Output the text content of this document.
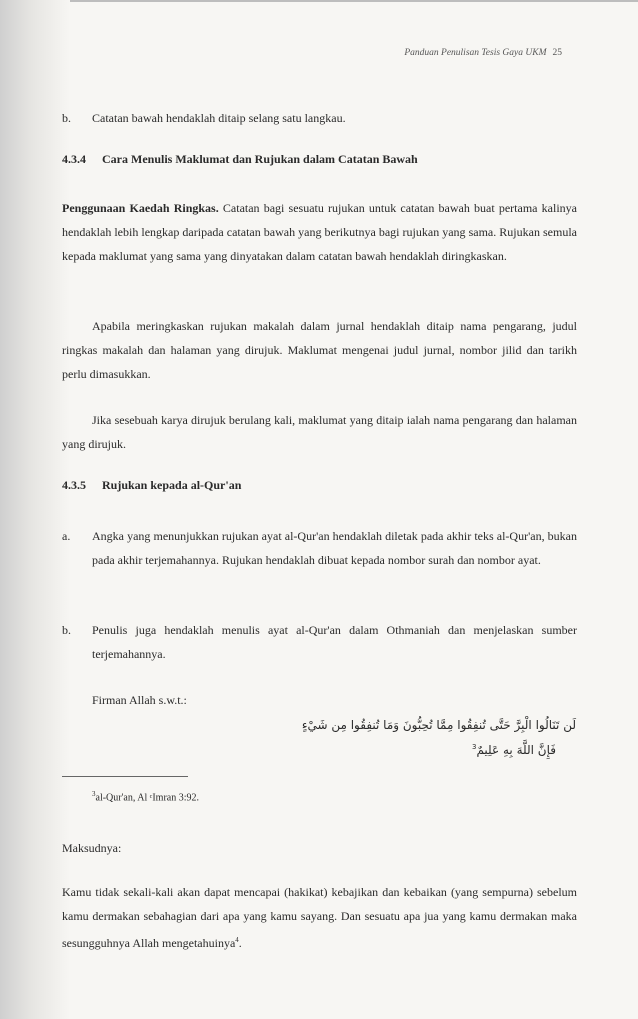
Panduan Penulisan Tesis Gaya UKM 25
b. Catatan bawah hendaklah ditaip selang satu langkau.
4.3.4 Cara Menulis Maklumat dan Rujukan dalam Catatan Bawah
Penggunaan Kaedah Ringkas. Catatan bagi sesuatu rujukan untuk catatan bawah buat pertama kalinya hendaklah lebih lengkap daripada catatan bawah yang berikutnya bagi rujukan yang sama. Rujukan semula kepada maklumat yang sama yang dinyatakan dalam catatan bawah hendaklah diringkaskan.
Apabila meringkaskan rujukan makalah dalam jurnal hendaklah ditaip nama pengarang, judul ringkas makalah dan halaman yang dirujuk. Maklumat mengenai judul jurnal, nombor jilid dan tarikh perlu dimasukkan.
Jika sesebuah karya dirujuk berulang kali, maklumat yang ditaip ialah nama pengarang dan halaman yang dirujuk.
4.3.5 Rujukan kepada al-Qur'an
a.	Angka yang menunjukkan rujukan ayat al-Qur'an hendaklah diletak pada akhir teks al-Qur'an, bukan pada akhir terjemahannya. Rujukan hendaklah dibuat kepada nombor surah dan nombor ayat.
b.	Penulis juga hendaklah menulis ayat al-Qur'an dalam Othmaniah dan menjelaskan sumber terjemahannya.
Firman Allah s.w.t.:
لَن تَنَالُوا الْبِرَّ حَتَّى تُنفِقُوا مِمَّا تُحِبُّونَ وَمَا تُنفِقُوا مِن شَيْءٍ
فَإِنَّ اللَّهَ بِهِ عَلِيمٌ$^3$
$^3$al-Qur'an, Al ᶜImran 3:92.
Maksudnya:
Kamu tidak sekali-kali akan dapat mencapai (hakikat) kebajikan dan kebaikan (yang sempurna) sebelum kamu dermakan sebahagian dari apa yang kamu sayang. Dan sesuatu apa jua yang kamu dermakan maka sesungguhnya Allah mengetahuinya$^4$.
